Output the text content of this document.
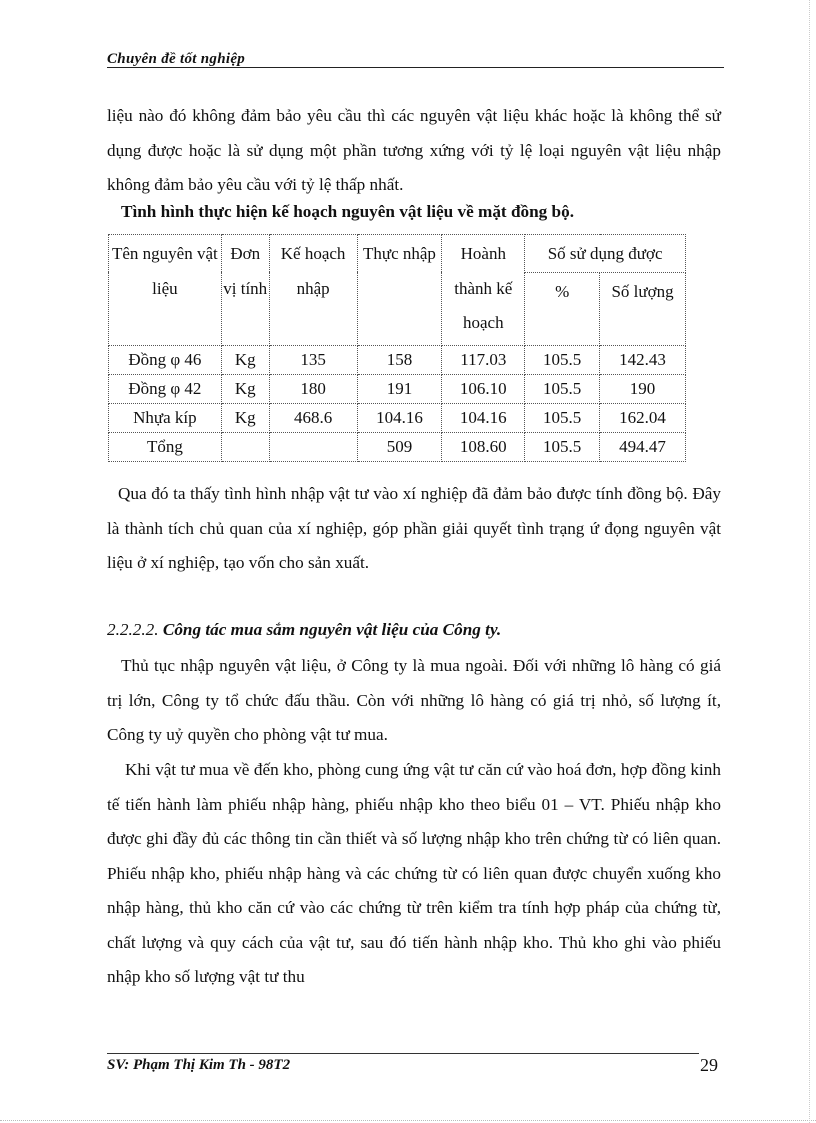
Chuyên đề tốt nghiệp
liệu nào đó không đảm bảo yêu cầu thì các nguyên vật liệu khác hoặc là không thể sử dụng được hoặc là sử dụng một phần tương xứng với tỷ lệ loại nguyên vật liệu nhập không đảm bảo yêu cầu với tỷ lệ thấp nhất.
Tình hình thực hiện kế hoạch nguyên vật liệu về mặt đồng bộ.
Tên nguyên vật liệu	Đơn vị tính	Kế hoạch nhập	Thực nhập	Hoành thành kế hoạch	Số sử dụng được	
					%	Số lượng
Đồng φ 46	Kg	135	158	117.03	105.5	142.43
Đồng φ 42	Kg	180	191	106.10	105.5	190
Nhựa kíp	Kg	468.6	104.16	104.16	105.5	162.04
Tổng			509	108.60	105.5	494.47
Qua đó ta thấy tình hình nhập vật tư vào xí nghiệp đã đảm bảo được tính đồng bộ. Đây là thành tích chủ quan của xí nghiệp, góp phần giải quyết tình trạng ứ đọng nguyên vật liệu ở xí nghiệp, tạo vốn cho sản xuất.
2.2.2.2. Công tác mua sắm nguyên vật liệu của Công ty.
Thủ tục nhập nguyên vật liệu, ở Công ty là mua ngoài. Đối với những lô hàng có giá trị lớn, Công ty tổ chức đấu thầu. Còn với những lô hàng có giá trị nhỏ, số lượng ít, Công ty uỷ quyền cho phòng vật tư mua.
Khi vật tư mua về đến kho, phòng cung ứng vật tư căn cứ vào hoá đơn, hợp đồng kinh tế tiến hành làm phiếu nhập hàng, phiếu nhập kho theo biểu 01 – VT. Phiếu nhập kho được ghi đầy đủ các thông tin cần thiết và số lượng nhập kho trên chứng từ có liên quan. Phiếu nhập kho, phiếu nhập hàng và các chứng từ có liên quan được chuyển xuống kho nhập hàng, thủ kho căn cứ vào các chứng từ trên kiểm tra tính hợp pháp của chứng từ, chất lượng và quy cách của vật tư, sau đó tiến hành nhập kho. Thủ kho ghi vào phiếu nhập kho số lượng vật tư thu
SV: Phạm Thị Kim Th - 98T2	29
